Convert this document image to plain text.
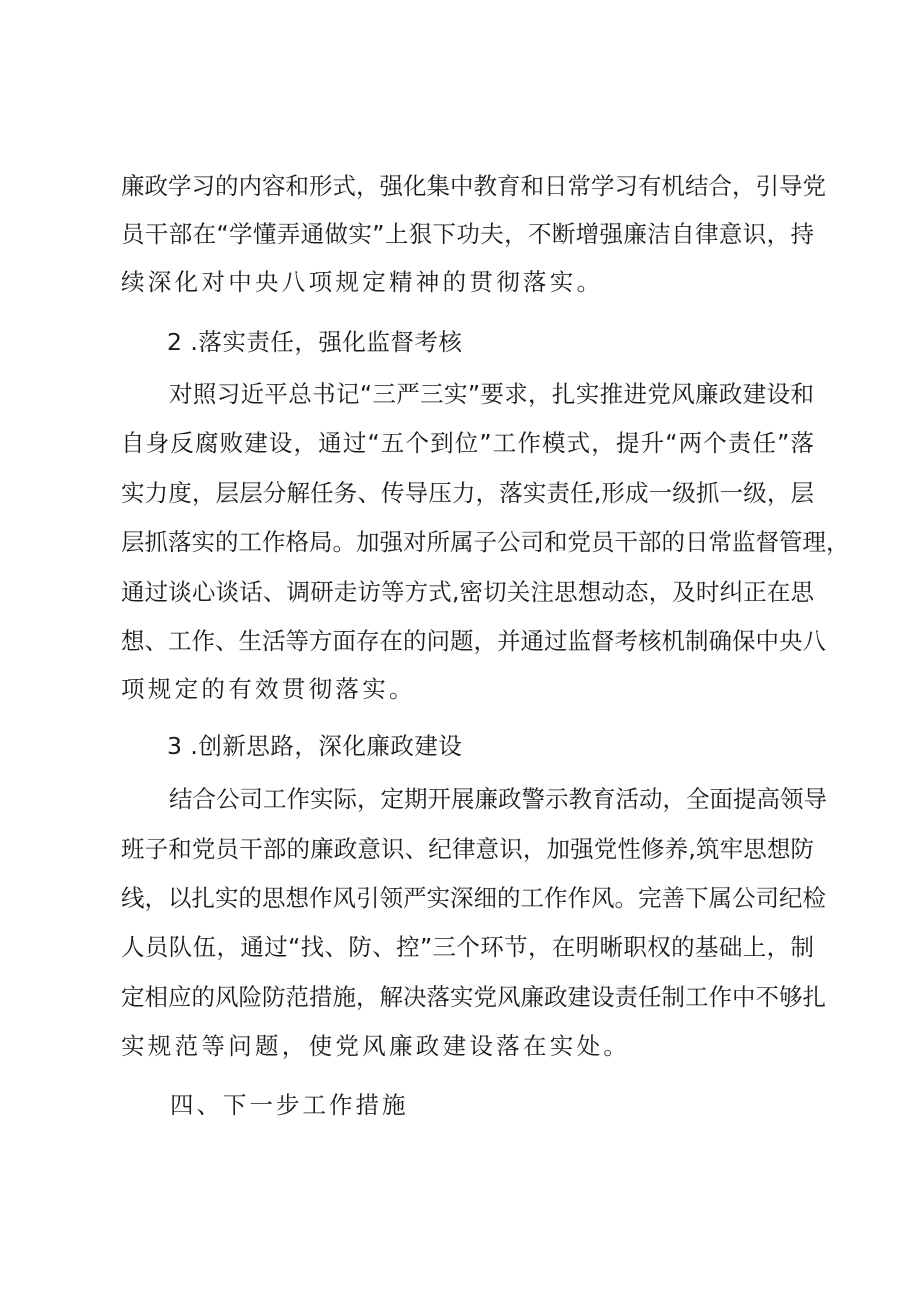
廉政学习的内容和形式，强化集中教育和日常学习有机结合，引导党
员干部在“学懂弄通做实”上狠下功夫，不断增强廉洁自律意识，持
续深化对中央八项规定精神的贯彻落实。
2 .落实责任，强化监督考核
对照习近平总书记“三严三实”要求，扎实推进党风廉政建设和
自身反腐败建设，通过“五个到位”工作模式，提升“两个责任”落
实力度，层层分解任务、传导压力，落实责任,形成一级抓一级，层
层抓落实的工作格局。加强对所属子公司和党员干部的日常监督管理，
通过谈心谈话、调研走访等方式,密切关注思想动态，及时纠正在思
想、工作、生活等方面存在的问题，并通过监督考核机制确保中央八
项规定的有效贯彻落实。
3 .创新思路，深化廉政建设
结合公司工作实际，定期开展廉政警示教育活动，全面提高领导
班子和党员干部的廉政意识、纪律意识，加强党性修养,筑牢思想防
线，以扎实的思想作风引领严实深细的工作作风。完善下属公司纪检
人员队伍，通过“找、防、控”三个环节，在明晰职权的基础上，制
定相应的风险防范措施，解决落实党风廉政建设责任制工作中不够扎
实规范等问题，使党风廉政建设落在实处。
四、下一步工作措施
